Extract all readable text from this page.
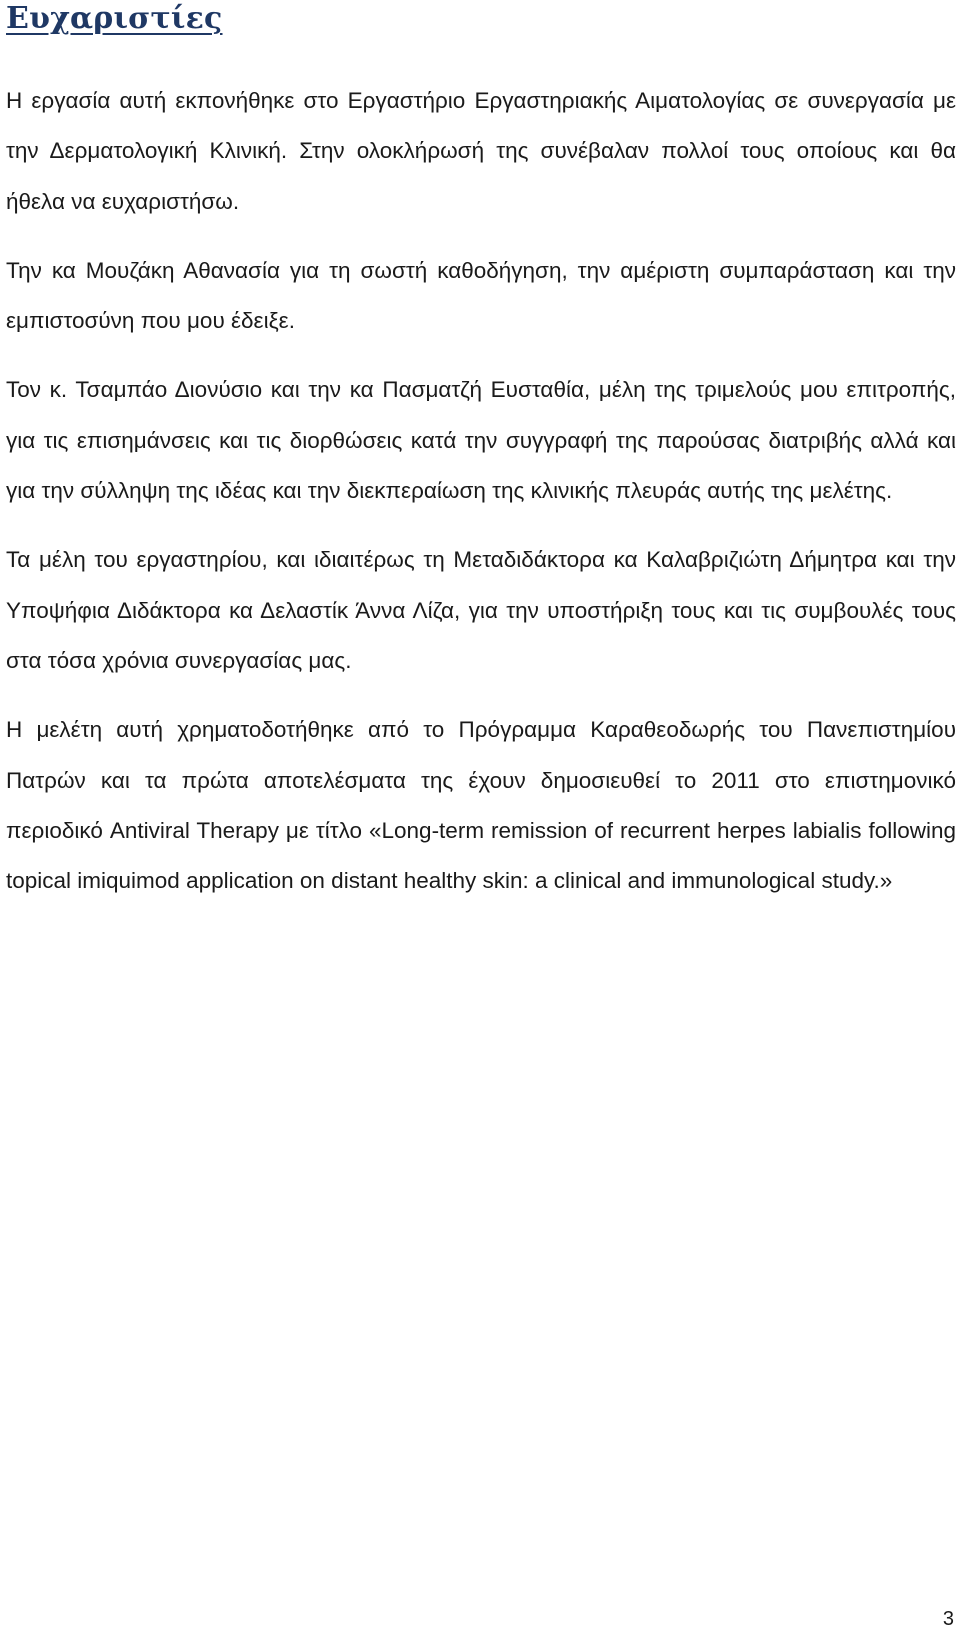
Ευχαριστίες

Η εργασία αυτή εκπονήθηκε στο Εργαστήριο Εργαστηριακής Αιματολογίας σε συνεργασία με την Δερματολογική Κλινική. Στην ολοκλήρωσή της συνέβαλαν πολλοί τους οποίους και θα ήθελα να ευχαριστήσω.

Την κα Μουζάκη Αθανασία για τη σωστή καθοδήγηση, την αμέριστη συμπαράσταση και την εμπιστοσύνη που μου έδειξε.

Τον κ. Τσαμπάο Διονύσιο και την κα Πασματζή Ευσταθία, μέλη της τριμελούς μου επιτροπής, για τις επισημάνσεις και τις διορθώσεις κατά την συγγραφή της παρούσας διατριβής αλλά και για την σύλληψη της ιδέας και την διεκπεραίωση της κλινικής πλευράς αυτής της μελέτης.

Τα μέλη του εργαστηρίου, και ιδιαιτέρως τη Μεταδιδάκτορα κα Καλαβριζιώτη Δήμητρα και την Υποψήφια Διδάκτορα κα Δελαστίκ Άννα Λίζα, για την υποστήριξη τους και τις συμβουλές τους στα τόσα χρόνια συνεργασίας μας.

Η μελέτη αυτή χρηματοδοτήθηκε από το Πρόγραμμα Καραθεοδωρής του Πανεπιστημίου Πατρών και τα πρώτα αποτελέσματα της έχουν δημοσιευθεί το 2011 στο επιστημονικό περιοδικό Antiviral Therapy με τίτλο «Long-term remission of recurrent herpes labialis following topical imiquimod application on distant healthy skin: a clinical and immunological study.»

3
